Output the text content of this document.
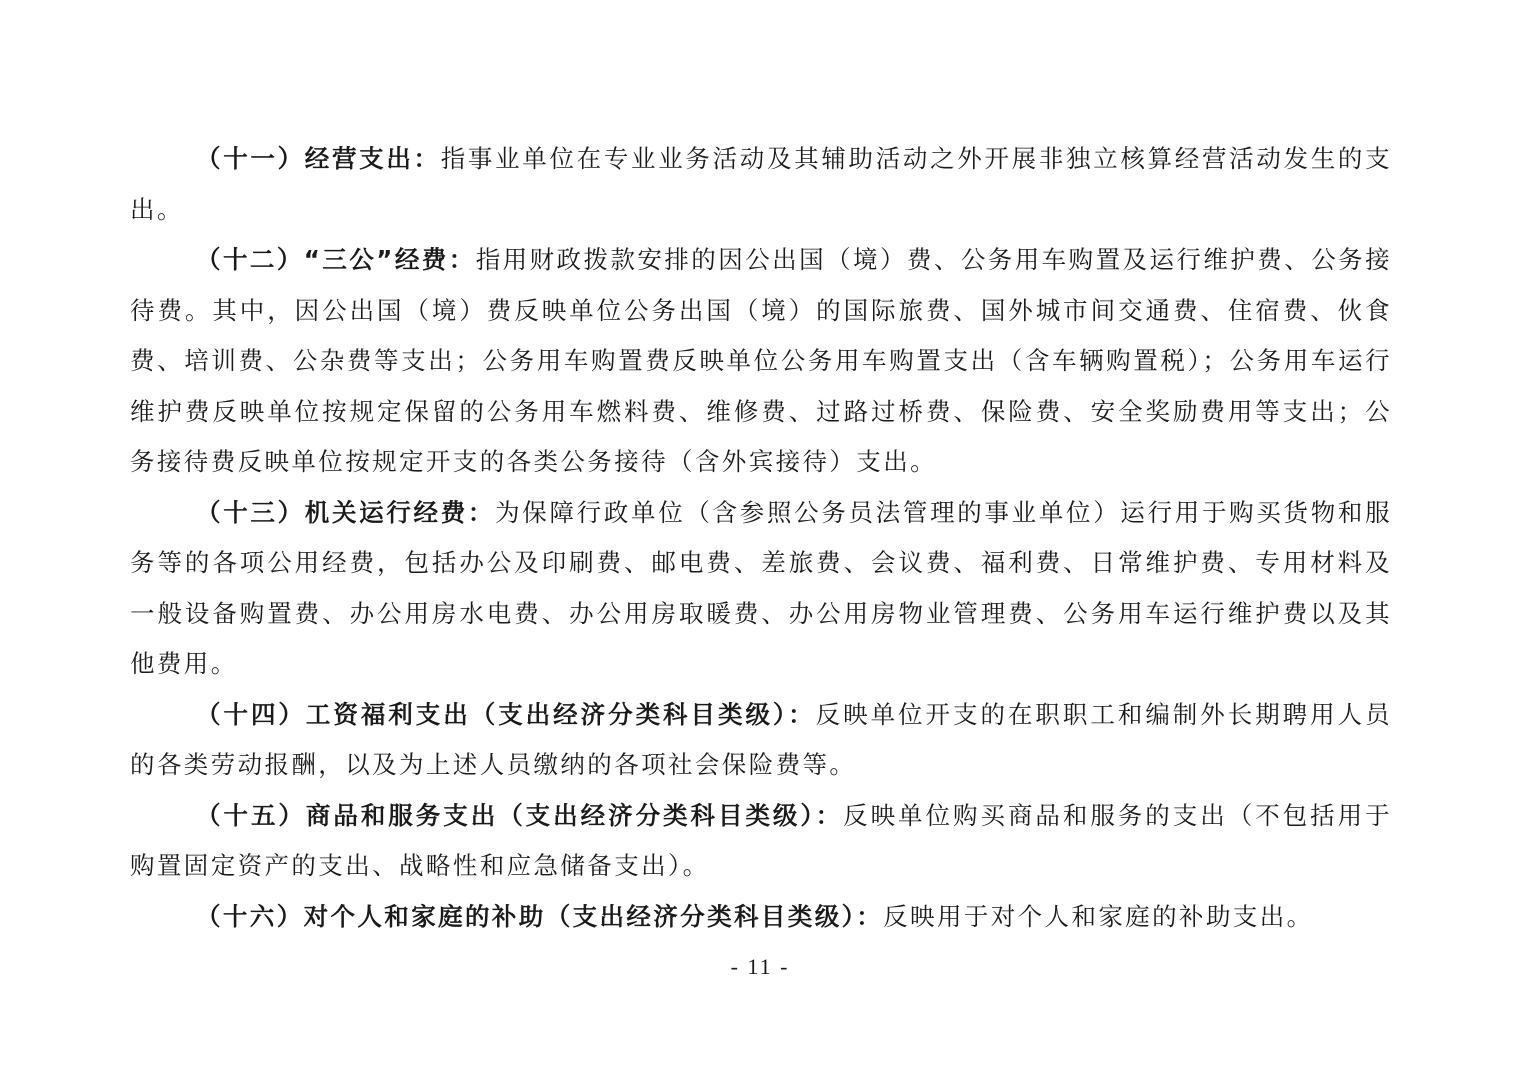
（十一）经营支出：指事业单位在专业业务活动及其辅助活动之外开展非独立核算经营活动发生的支出。

（十二）“三公”经费：指用财政拨款安排的因公出国（境）费、公务用车购置及运行维护费、公务接待费。其中，因公出国（境）费反映单位公务出国（境）的国际旅费、国外城市间交通费、住宿费、伙食费、培训费、公杂费等支出；公务用车购置费反映单位公务用车购置支出（含车辆购置税）；公务用车运行维护费反映单位按规定保留的公务用车燃料费、维修费、过路过桥费、保险费、安全奖励费用等支出；公务接待费反映单位按规定开支的各类公务接待（含外宾接待）支出。

（十三）机关运行经费：为保障行政单位（含参照公务员法管理的事业单位）运行用于购买货物和服务等的各项公用经费，包括办公及印刷费、邮电费、差旅费、会议费、福利费、日常维护费、专用材料及一般设备购置费、办公用房水电费、办公用房取暖费、办公用房物业管理费、公务用车运行维护费以及其他费用。

（十四）工资福利支出（支出经济分类科目类级）：反映单位开支的在职职工和编制外长期聘用人员的各类劳动报酬，以及为上述人员缴纳的各项社会保险费等。

（十五）商品和服务支出（支出经济分类科目类级）：反映单位购买商品和服务的支出（不包括用于购置固定资产的支出、战略性和应急储备支出）。

（十六）对个人和家庭的补助（支出经济分类科目类级）：反映用于对个人和家庭的补助支出。

- 11 -
